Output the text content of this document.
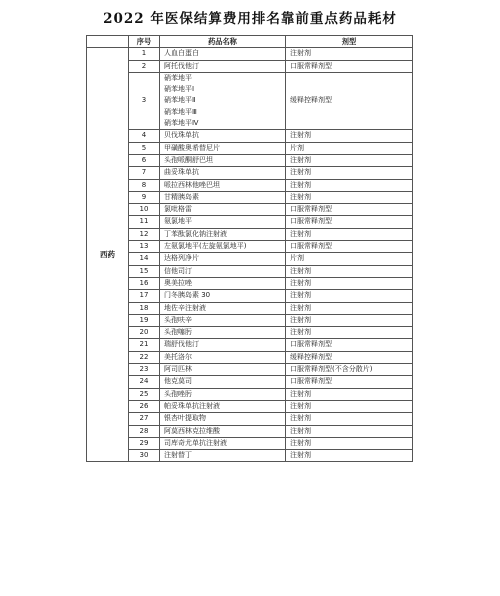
2022 年医保结算费用排名靠前重点药品耗材
	序号	药品名称	剂型
西药	1	人血白蛋白	注射剂
	2	阿托伐他汀	口服常释剂型
	3	硝苯地平
硝苯地平Ⅰ
硝苯地平Ⅱ
硝苯地平Ⅲ
硝苯地平Ⅳ	缓释控释剂型
	4	贝伐珠单抗	注射剂
	5	甲磺酸奥希替尼片	片剂
	6	头孢哌酮舒巴坦	注射剂
	7	曲妥珠单抗	注射剂
	8	哌拉西林他唑巴坦	注射剂
	9	甘精胰岛素	注射剂
	10	氯吡格雷	口服常释剂型
	11	氨氯地平	口服常释剂型
	12	丁苯酞氯化钠注射液	注射剂
	13	左氨氯地平(左旋氨氯地平)	口服常释剂型
	14	达格列净片	片剂
	15	信他司汀	注射剂
	16	奥美拉唑	注射剂
	17	门冬胰岛素 30	注射剂
	18	地佐辛注射液	注射剂
	19	头孢呋辛	注射剂
	20	头孢噻肟	注射剂
	21	瑞舒伐他汀	口服常释剂型
	22	美托洛尔	缓释控释剂型
	23	阿司匹林	口服常释剂型(不含分散片)
	24	他克莫司	口服常释剂型
	25	头孢唑肟	注射剂
	26	帕妥珠单抗注射液	注射剂
	27	银杏叶提取物	注射剂
	28	阿莫西林克拉维酸	注射剂
	29	司库奇尤单抗注射液	注射剂
	30	注射替丁	注射剂
